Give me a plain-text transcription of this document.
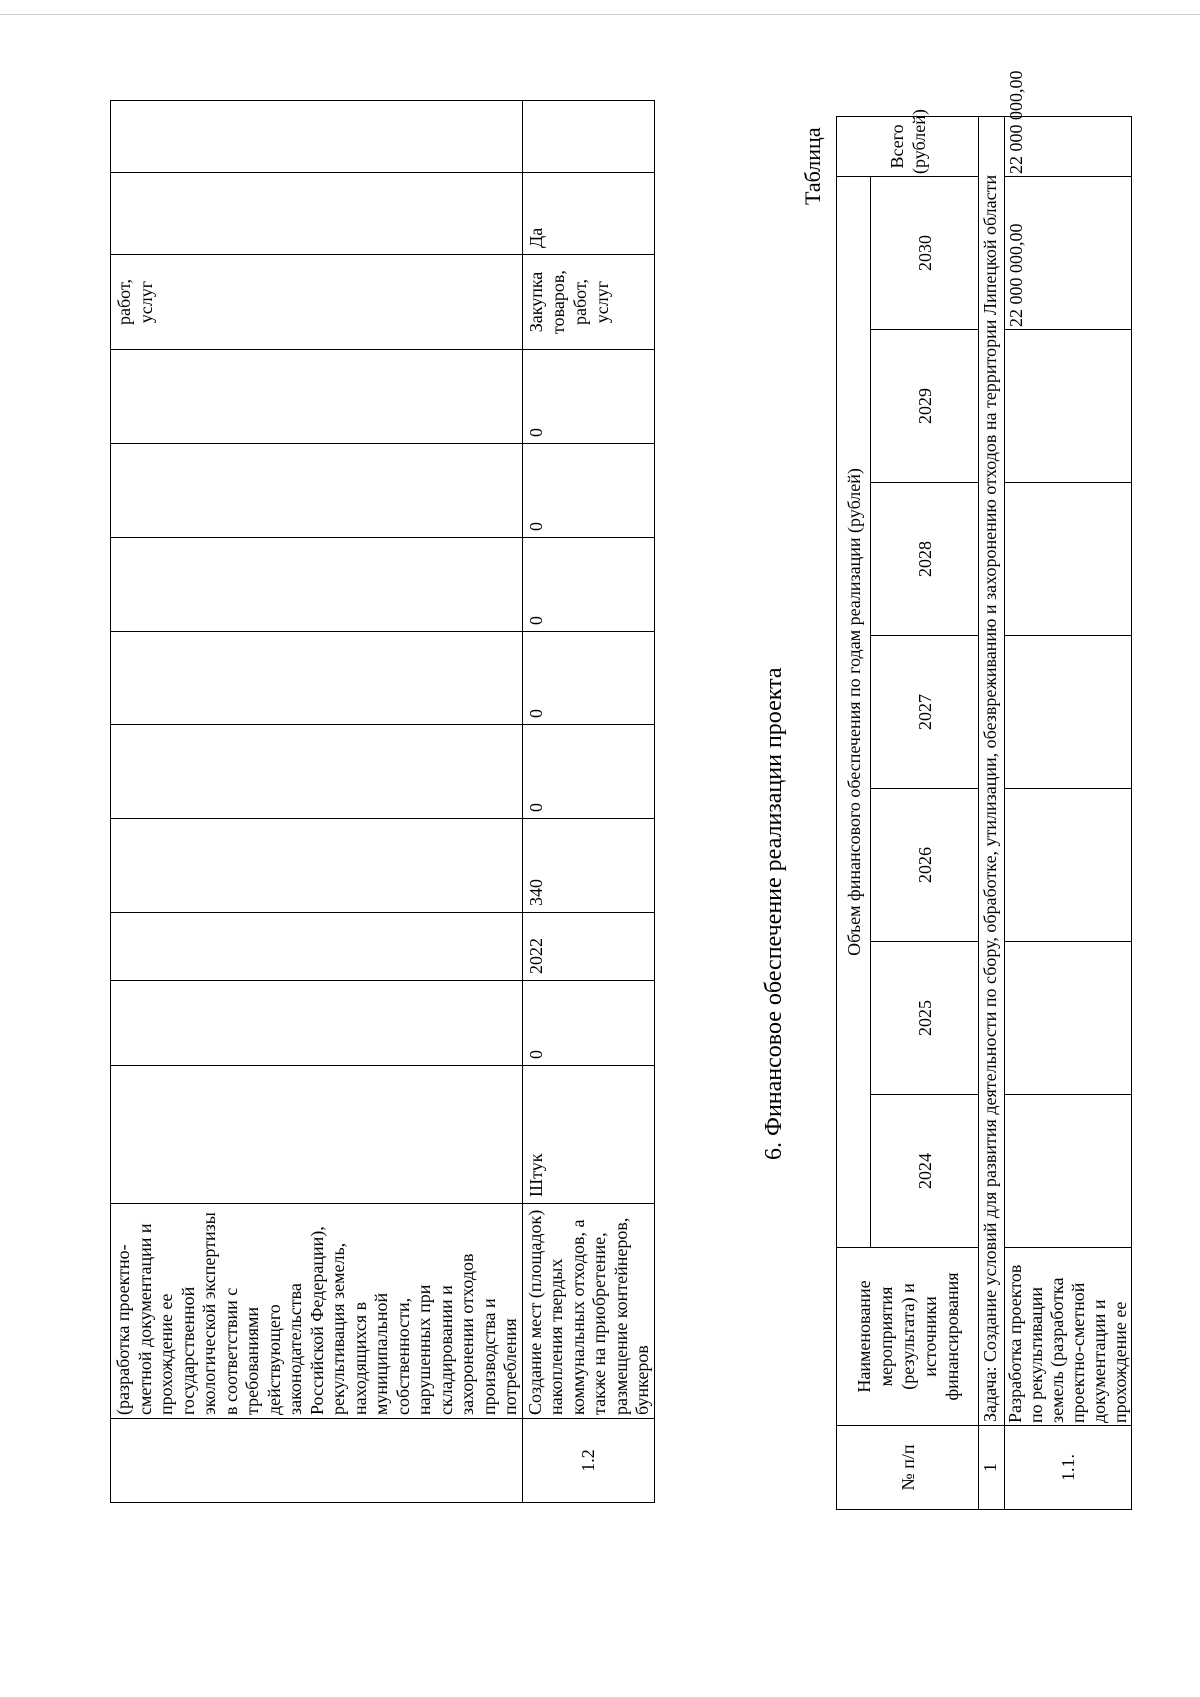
	(разработка проектно-сметной документации и прохождение ее государственной экологической экспертизы в соответствии с требованиями действующего законодательства Российской Федерации), рекультивация земель, находящихся в муниципальной собственности, нарушенных при складировании и захоронении отходов производства и потребления										работ, услуг		
1.2	Создание мест (площадок) накопления твердых коммунальных отходов, а также на приобретение, размещение контейнеров, бункеров	Штук	0	2022	340	0	0	0	0	0	Закупка товаров, работ, услуг	Да	
6. Финансовое обеспечение реализации проекта
Таблица
№ п/п	Наименование мероприятия (результата) и источники финансирования	Объем финансового обеспечения по годам реализации (рублей)							Всего (рублей)
		2024	2025	2026	2027	2028	2029	2030	
1	Задача: Создание условий для развития деятельности по сбору, обработке, утилизации, обезвреживанию и захоронению отходов на территории Липецкой области								
1.1.	Разработка проектов по рекультивации земель (разработка проектно-сметной документации и прохождение ее							22 000 000,00	22 000 000,00
